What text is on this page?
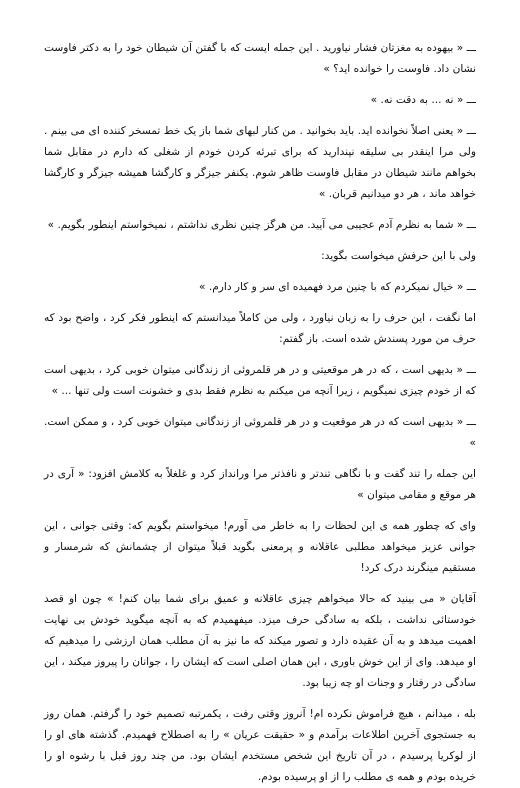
ـــ « بیهوده به مغزتان فشار نیاورید . این جمله ایست که با گفتن آن شیطان خود را به دکتر فاوست نشان داد. فاوست را خوانده اید؟ »

ـــ « نه ... به دقت نه. »

ـــ « یعنی اصلاً نخوانده اید. باید بخوانید . من کنار لبهای شما باز یک خط تمسخر کننده ای می بینم . ولی مرا اینقدر بی سلیقه نپندارید که برای تبرئه کردن خودم از شغلی که دارم در مقابل شما بخواهم مانند شیطان در مقابل فاوست ظاهر شوم. یکنفر جیزگر و کارگشا همیشه جیزگر و کارگشا خواهد ماند ، هر دو میدانیم قربان. »

ـــ « شما به نظرم آدم عجیبی می آیید. من هرگز چنین نظری نداشتم ، نمیخواستم اینطور بگویم. »

ولی با این حرفش میخواست بگوید:

ـــ « خیال نمیکردم که با چنین مرد فهمیده ای سر و کار دارم. »

اما نگفت ، این حرف را به زبان نیاورد ، ولی من کاملاً میدانستم که اینطور فکر کرد ، واضح بود که حرف من مورد پسندش شده است. باز گفتم:

ـــ « بدیهی است ، که در هر موقعیتی و در هر قلمروئی از زندگانی میتوان خوبی کرد ، بدیهی است که از خودم چیزی نمیگویم ، زیرا آنچه من میکنم به نظرم فقط بدی و خشونت است ولی تنها ... »

ـــ « بدیهی است که در هر موقعیت و در هر قلمروئی از زندگانی میتوان خوبی کرد ، و ممکن است. »

این جمله را تند گفت و با نگاهی تندتر و نافذتر مرا ورانداز کرد و غلغلاً به کلامش افزود: « آری در هر موقع و مقامی میتوان »

وای که چطور همه ی این لحظات را به خاطر می آورم! میخواستم بگویم که: وقتی جوانی ، این جوانی عزیز میخواهد مطلبی عاقلانه و پرمعنی بگوید قبلاً میتوان از چشمانش که شرمسار و مستقیم مینگرند درک کرد!

آقایان « می بینید که حالا میخواهم چیزی عاقلانه و عمیق برای شما بیان کنم! » چون او قصد خودستائی نداشت ، بلکه به سادگی حرف میزد. میفهمیدم که به آنچه میگوید خودش بی نهایت اهمیت میدهد و به آن عقیده دارد و تصور میکند که ما نیز به آن مطلب همان ارزشی را میدهیم که او میدهد. وای از این خوش باوری ، این همان اصلی است که ایشان را ، جوانان را پیروز میکند ، این سادگی در رفتار و وجنات او چه زیبا بود.

بله ، میدانم ، هیچ فراموش نکرده ام! آنروز وقتی رفت ، یکمرتبه تصمیم خود را گرفتم. همان روز به جستجوی آخرین اطلاعات برآمدم و « حقیقت عریان » را به اصطلاح فهمیدم. گذشته های او را از لوکریا پرسیدم ، در آن تاریخ این شخص مستخدم ایشان بود. من چند روز قبل با رشوه او را خریده بودم و همه ی مطلب را از او پرسیده بودم.
